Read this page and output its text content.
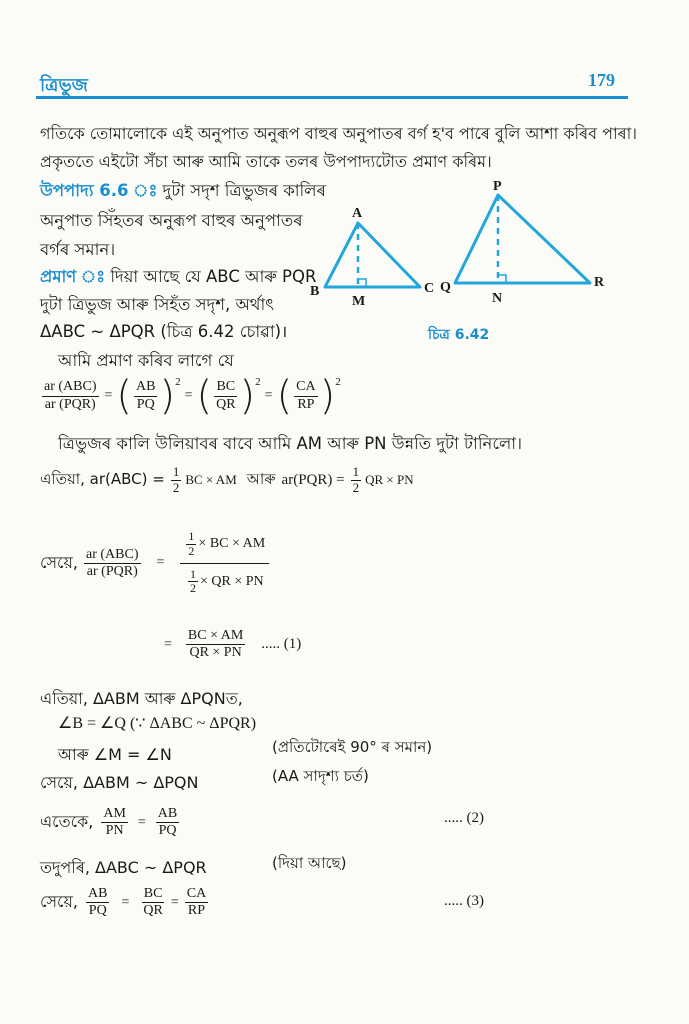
ত্ৰিভুজ	179
গতিকে তোমালোকে এই অনুপাত অনুৰূপ বাহুৰ অনুপাতৰ বৰ্গ হ'ব পাৰে বুলি আশা কৰিব পাৰা।
প্ৰকৃততে এইটো সঁচা আৰু আমি তাকে তলৰ উপপাদ্যটোত প্ৰমাণ কৰিম।
উপপাদ্য 6.6 ঃ দুটা সদৃশ ত্ৰিভুজৰ কালিৰ
অনুপাত সিঁহতৰ অনুৰূপ বাহুৰ অনুপাতৰ
বৰ্গৰ সমান।
প্ৰমাণ ঃ দিয়া আছে যে ABC আৰু PQR
দুটা ত্ৰিভুজ আৰু সিহঁত সদৃশ, অৰ্থাৎ
ΔABC ~ ΔPQR (চিত্ৰ 6.42 চোৱা)।
আমি প্ৰমাণ কৰিব লাগে যে
$\frac{\text{ar (ABC)}}{\text{ar (PQR)}}$ = ( $\frac{AB}{PQ}$ ) 2
= ( $\frac{BC}{QR}$ ) 2
= ( $\frac{CA}{RP}$ ) 2
A
B	C
M
P
Q	R
N
চিত্ৰ 6.42
ত্ৰিভুজৰ কালি উলিয়াবৰ বাবে আমি AM আৰু PN উন্নতি দুটা টানিলো।
এতিয়া, $ar(ABC) = \frac{1}{2}$ BC × AM আৰু $ar(PQR) = \frac{1}{2}$ QR × PN
সেয়ে, $\frac{\text{ar (ABC)}}{\text{ar (PQR)}} = \frac{\frac{1}{2} \times BC \times AM}{\frac{1}{2} \times QR \times PN}$
= $\frac{BC \times AM}{QR \times PN}$ ..... (1)
এতিয়া, ΔABM আৰু ΔPQNত,
∠B = ∠Q (∵ ΔABC ~ ΔPQR)
আৰু ∠M = ∠N	(প্ৰতিটোৰেই 90° ৰ সমান)
সেয়ে, ΔABM ~ ΔPQN	(AA সাদৃশ্য চৰ্ত)
এতেকে, $\frac{AM}{PN} = \frac{AB}{PQ}$	..... (2)
তদুপৰি, ΔABC ~ ΔPQR	(দিয়া আছে)
সেয়ে, $\frac{AB}{PQ} = \frac{BC}{QR} = \frac{CA}{RP}$	..... (3)
